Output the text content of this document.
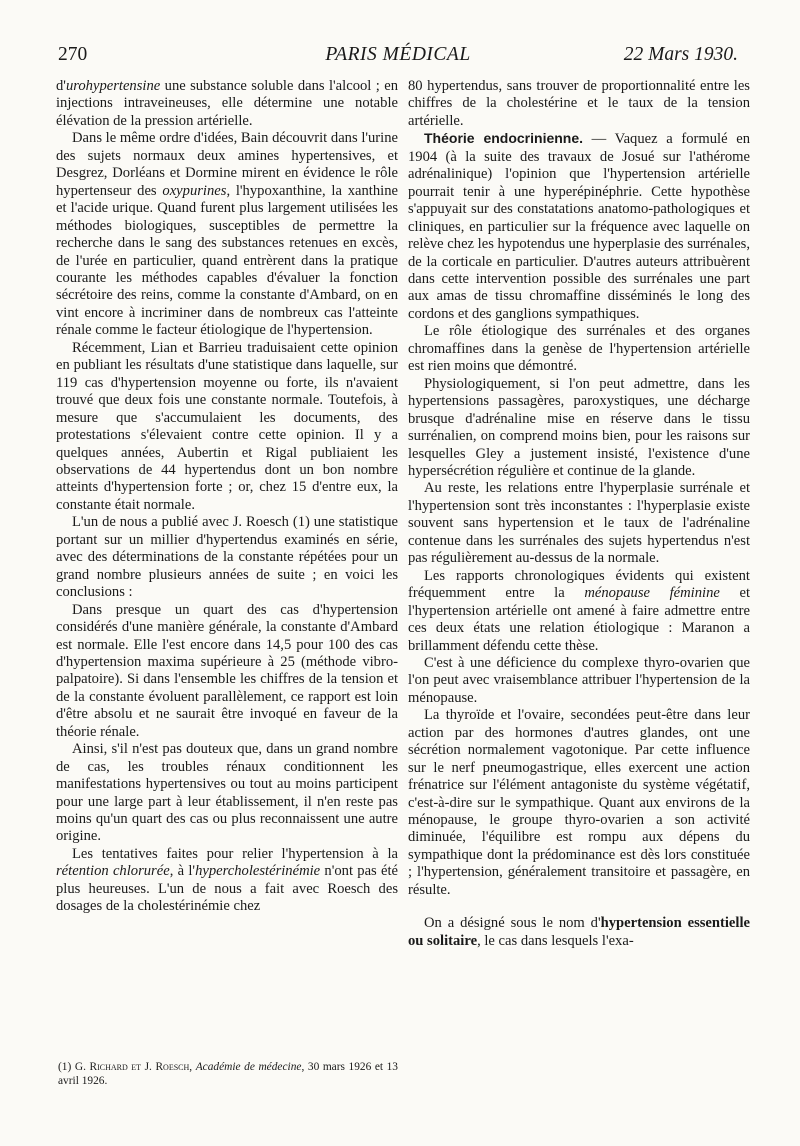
270	PARIS MÉDICAL	22 Mars 1930.

d'urohypertensine une substance soluble dans l'alcool ; en injections intraveineuses, elle détermine une notable élévation de la pression artérielle.

Dans le même ordre d'idées, Bain découvrit dans l'urine des sujets normaux deux amines hypertensives, et Desgrez, Dorléans et Dormine mirent en évidence le rôle hypertenseur des oxypurines, l'hypoxanthine, la xanthine et l'acide urique. Quand furent plus largement utilisées les méthodes biologiques, susceptibles de permettre la recherche dans le sang des substances retenues en excès, de l'urée en particulier, quand entrèrent dans la pratique courante les méthodes capables d'évaluer la fonction sécrétoire des reins, comme la constante d'Ambard, on en vint encore à incriminer dans de nombreux cas l'atteinte rénale comme le facteur étiologique de l'hypertension.

Récemment, Lian et Barrieu traduisaient cette opinion en publiant les résultats d'une statistique dans laquelle, sur 119 cas d'hypertension moyenne ou forte, ils n'avaient trouvé que deux fois une constante normale. Toutefois, à mesure que s'accumulaient les documents, des protestations s'élevaient contre cette opinion. Il y a quelques années, Aubertin et Rigal publiaient les observations de 44 hypertendus dont un bon nombre atteints d'hypertension forte ; or, chez 15 d'entre eux, la constante était normale.

L'un de nous a publié avec J. Roesch (1) une statistique portant sur un millier d'hypertendus examinés en série, avec des déterminations de la constante répétées pour un grand nombre plusieurs années de suite ; en voici les conclusions :

Dans presque un quart des cas d'hypertension considérés d'une manière générale, la constante d'Ambard est normale. Elle l'est encore dans 14,5 pour 100 des cas d'hypertension maxima supérieure à 25 (méthode vibro-palpatoire). Si dans l'ensemble les chiffres de la tension et de la constante évoluent parallèlement, ce rapport est loin d'être absolu et ne saurait être invoqué en faveur de la théorie rénale.

Ainsi, s'il n'est pas douteux que, dans un grand nombre de cas, les troubles rénaux conditionnent les manifestations hypertensives ou tout au moins participent pour une large part à leur établissement, il n'en reste pas moins qu'un quart des cas ou plus reconnaissent une autre origine.

Les tentatives faites pour relier l'hypertension à la rétention chlorurée, à l'hypercholestérinémie n'ont pas été plus heureuses. L'un de nous a fait avec Roesch des dosages de la cholestérinémie chez

80 hypertendus, sans trouver de proportionnalité entre les chiffres de la cholestérine et le taux de la tension artérielle.

Théorie endocrinienne. — Vaquez a formulé en 1904 (à la suite des travaux de Josué sur l'athérome adrénalinique) l'opinion que l'hypertension artérielle pourrait tenir à une hyperépinéphrie. Cette hypothèse s'appuyait sur des constatations anatomo-pathologiques et cliniques, en particulier sur la fréquence avec laquelle on relève chez les hypotendus une hyperplasie des surrénales, de la corticale en particulier. D'autres auteurs attribuèrent dans cette intervention possible des surrénales une part aux amas de tissu chromaffine disséminés le long des cordons et des ganglions sympathiques.

Le rôle étiologique des surrénales et des organes chromaffines dans la genèse de l'hypertension artérielle est rien moins que démontré.

Physiologiquement, si l'on peut admettre, dans les hypertensions passagères, paroxystiques, une décharge brusque d'adrénaline mise en réserve dans le tissu surrénalien, on comprend moins bien, pour les raisons sur lesquelles Gley a justement insisté, l'existence d'une hypersécrétion régulière et continue de la glande.

Au reste, les relations entre l'hyperplasie surrénale et l'hypertension sont très inconstantes : l'hyperplasie existe souvent sans hypertension et le taux de l'adrénaline contenue dans les surrénales des sujets hypertendus n'est pas régulièrement au-dessus de la normale.

Les rapports chronologiques évidents qui existent fréquemment entre la ménopause féminine et l'hypertension artérielle ont amené à faire admettre entre ces deux états une relation étiologique : Maranon a brillamment défendu cette thèse.

C'est à une déficience du complexe thyro-ovarien que l'on peut avec vraisemblance attribuer l'hypertension de la ménopause.

La thyroïde et l'ovaire, secondées peut-être dans leur action par des hormones d'autres glandes, ont une sécrétion normalement vagotonique. Par cette influence sur le nerf pneumogastrique, elles exercent une action frénatrice sur l'élément antagoniste du système végétatif, c'est-à-dire sur le sympathique. Quant aux environs de la ménopause, le groupe thyro-ovarien a son activité diminuée, l'équilibre est rompu aux dépens du sympathique dont la prédominance est dès lors constituée ; l'hypertension, généralement transitoire et passagère, en résulte.

On a désigné sous le nom d'hypertension essentielle ou solitaire, le cas dans lesquels l'exa-

(1) G. Richard et J. Roesch, Académie de médecine, 30 mars 1926 et 13 avril 1926.
